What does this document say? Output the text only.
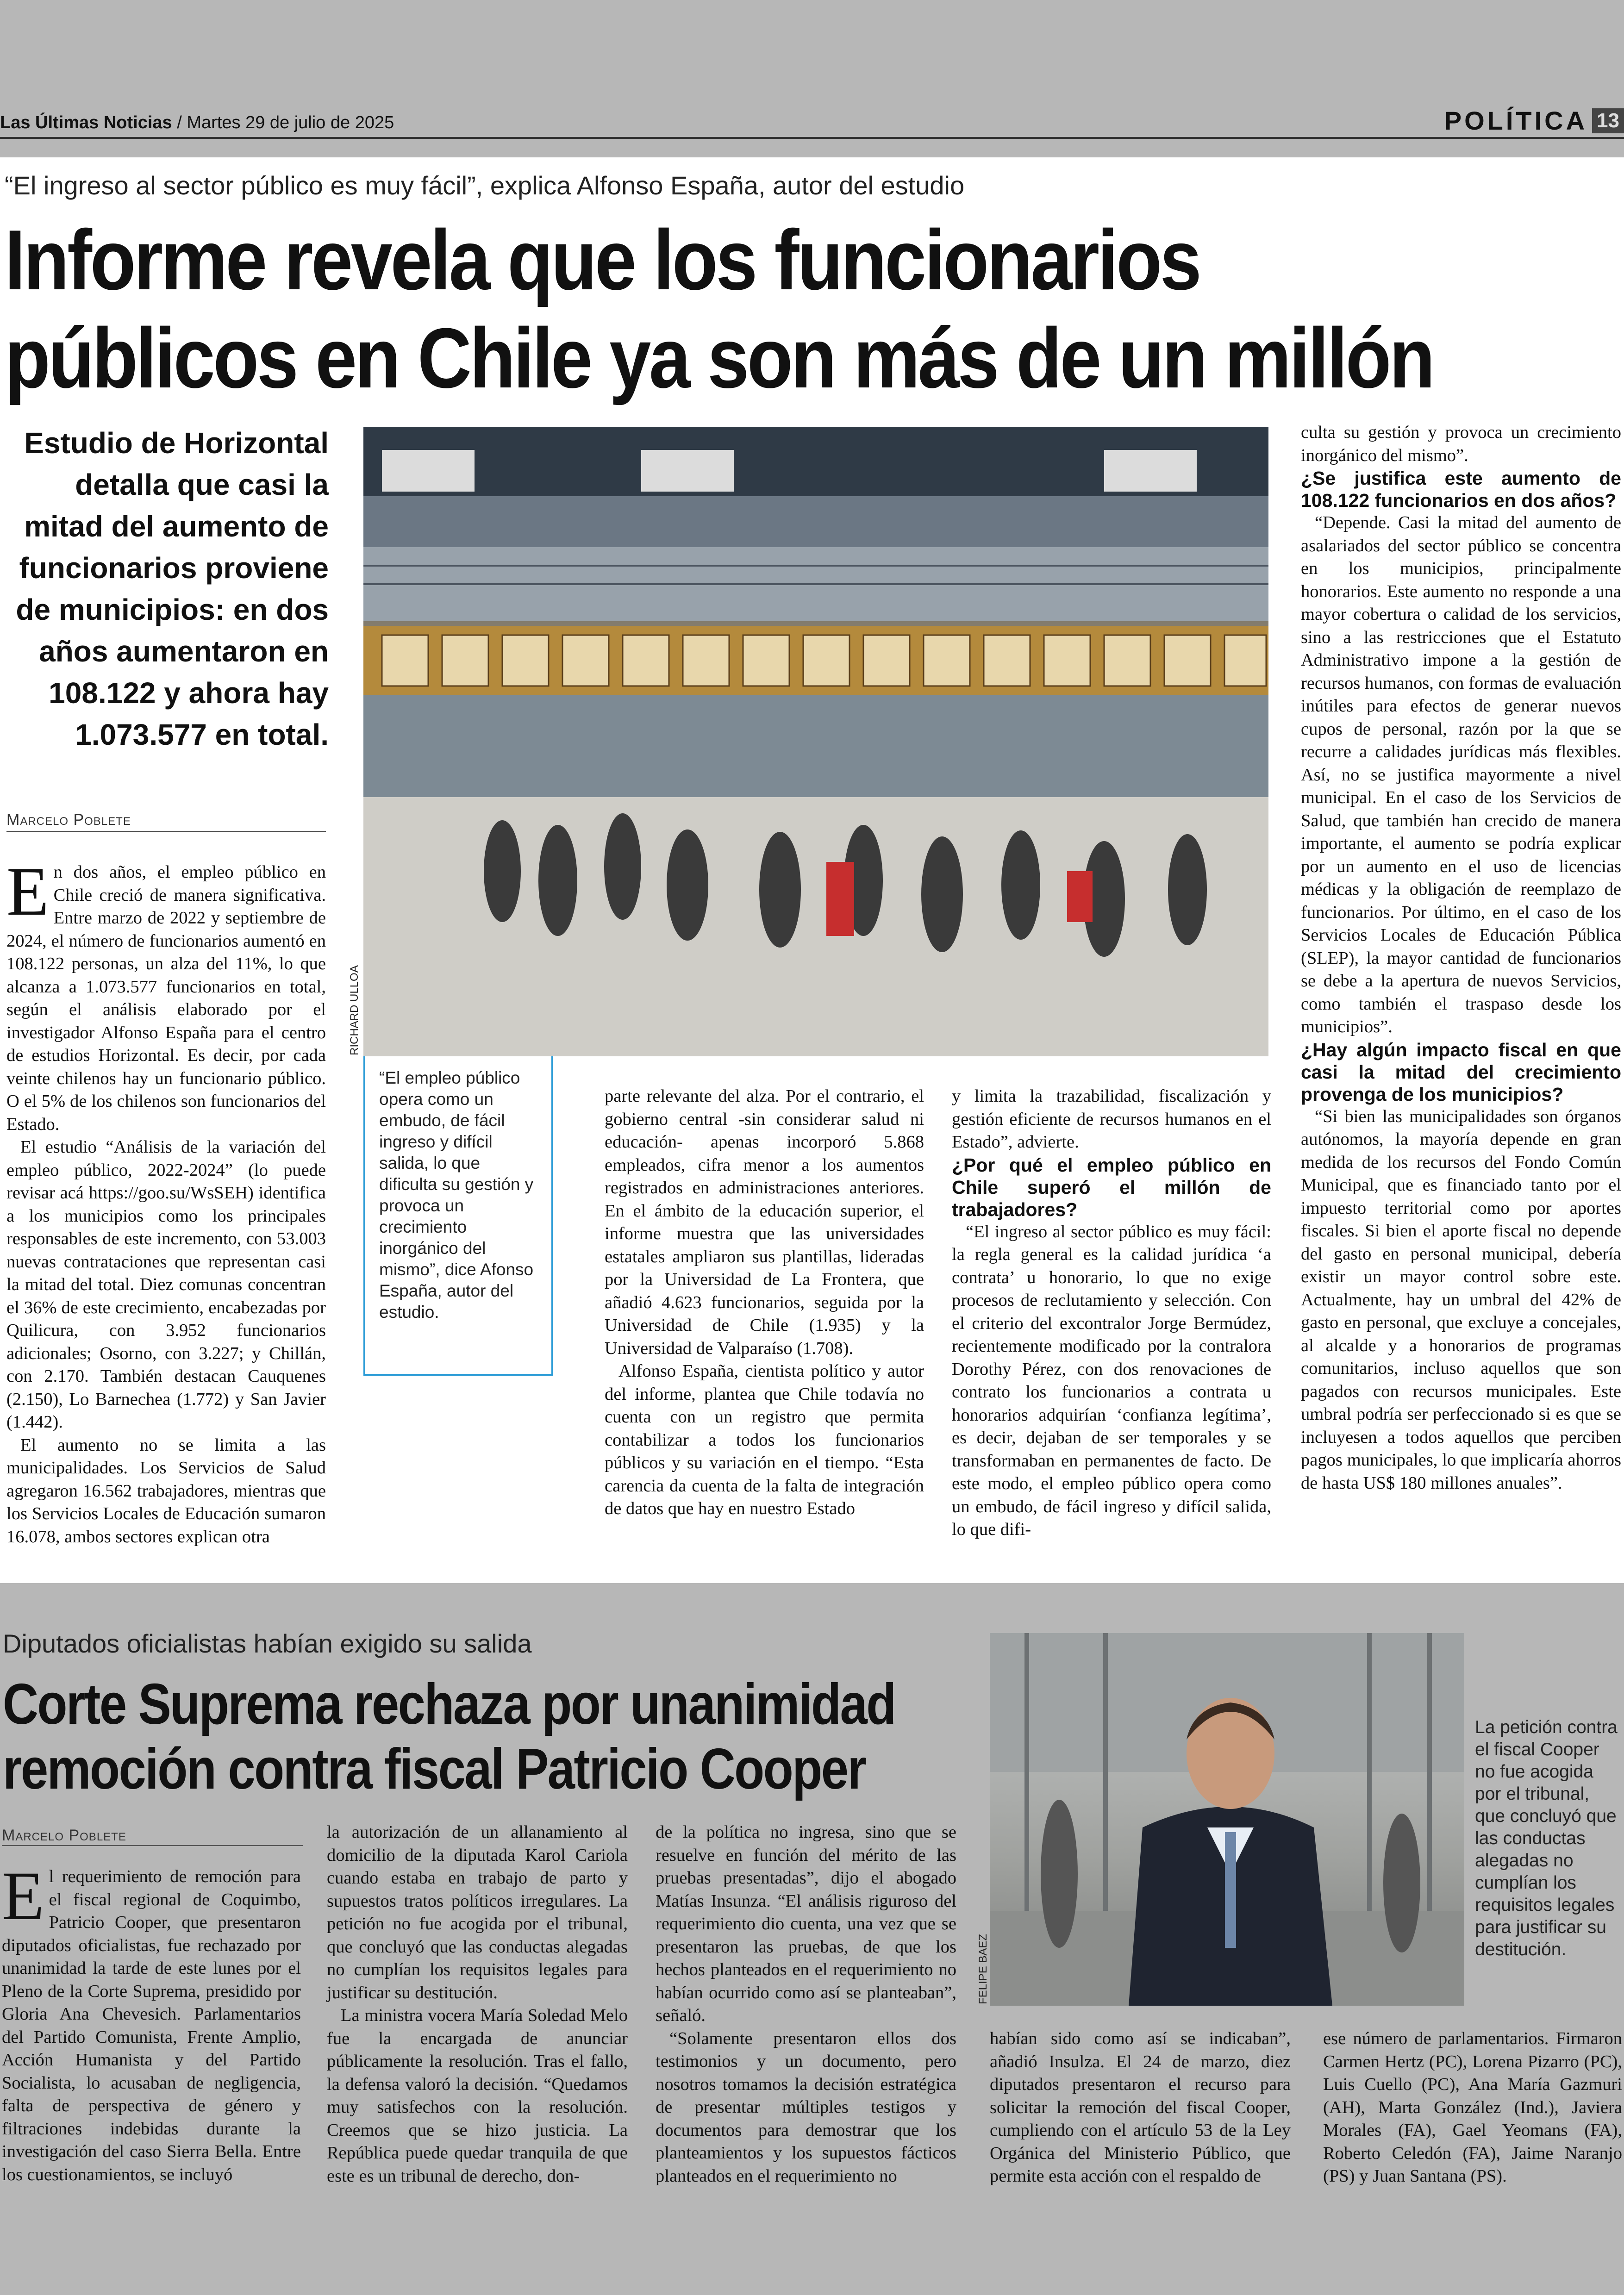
Las Últimas Noticias / Martes 29 de julio de 2025	POLÍTICA 13
“El ingreso al sector público es muy fácil”, explica Alfonso España, autor del estudio
Informe revela que los funcionarios
públicos en Chile ya son más de un millón
Estudio de Horizontal detalla que casi la mitad del aumento de funcionarios proviene de municipios: en dos años aumentaron en 108.122 y ahora hay 1.073.577 en total.
Marcelo Poblete
RICHARD ULLOA
“El empleo público opera como un embudo, de fácil ingreso y difícil salida, lo que dificulta su gestión y provoca un crecimiento inorgánico del mismo”, dice Afonso España, autor del estudio.

En dos años, el empleo público en Chile creció de manera significativa. Entre marzo de 2022 y septiembre de 2024, el número de funcionarios aumentó en 108.122 personas, un alza del 11%, lo que alcanza a 1.073.577 funcionarios en total, según el análisis elaborado por el investigador Alfonso España para el centro de estudios Horizontal. Es decir, por cada veinte chilenos hay un funcionario público. O el 5% de los chilenos son funcionarios del Estado.

El estudio “Análisis de la variación del empleo público, 2022-2024” (lo puede revisar acá https://goo.su/WsSEH) identifica a los municipios como los principales responsables de este incremento, con 53.003 nuevas contrataciones que representan casi la mitad del total. Diez comunas concentran el 36% de este crecimiento, encabezadas por Quilicura, con 3.952 funcionarios adicionales; Osorno, con 3.227; y Chillán, con 2.170. También destacan Cauquenes (2.150), Lo Barnechea (1.772) y San Javier (1.442).

El aumento no se limita a las municipalidades. Los Servicios de Salud agregaron 16.562 trabajadores, mientras que los Servicios Locales de Educación sumaron 16.078, ambos sectores explican otra

parte relevante del alza. Por el contrario, el gobierno central -sin considerar salud ni educación- apenas incorporó 5.868 empleados, cifra menor a los aumentos registrados en administraciones anteriores. En el ámbito de la educación superior, el informe muestra que las universidades estatales ampliaron sus plantillas, lideradas por la Universidad de La Frontera, que añadió 4.623 funcionarios, seguida por la Universidad de Chile (1.935) y la Universidad de Valparaíso (1.708).

Alfonso España, cientista político y autor del informe, plantea que Chile todavía no cuenta con un registro que permita contabilizar a todos los funcionarios públicos y su variación en el tiempo. “Esta carencia da cuenta de la falta de integración de datos que hay en nuestro Estado

y limita la trazabilidad, fiscalización y gestión eficiente de recursos humanos en el Estado”, advierte.

¿Por qué el empleo público en Chile superó el millón de trabajadores?

“El ingreso al sector público es muy fácil: la regla general es la calidad jurídica ‘a contrata’ u honorario, lo que no exige procesos de reclutamiento y selección. Con el criterio del excontralor Jorge Bermúdez, recientemente modificado por la contralora Dorothy Pérez, con dos renovaciones de contrato los funcionarios a contrata u honorarios adquirían ‘confianza legítima’, es decir, dejaban de ser temporales y se transformaban en permanentes de facto. De este modo, el empleo público opera como un embudo, de fácil ingreso y difícil salida, lo que difi-

culta su gestión y provoca un crecimiento inorgánico del mismo”.

¿Se justifica este aumento de 108.122 funcionarios en dos años?

“Depende. Casi la mitad del aumento de asalariados del sector público se concentra en los municipios, principalmente honorarios. Este aumento no responde a una mayor cobertura o calidad de los servicios, sino a las restricciones que el Estatuto Administrativo impone a la gestión de recursos humanos, con formas de evaluación inútiles para efectos de generar nuevos cupos de personal, razón por la que se recurre a calidades jurídicas más flexibles. Así, no se justifica mayormente a nivel municipal. En el caso de los Servicios de Salud, que también han crecido de manera importante, el aumento se podría explicar por un aumento en el uso de licencias médicas y la obligación de reemplazo de funcionarios. Por último, en el caso de los Servicios Locales de Educación Pública (SLEP), la mayor cantidad de funcionarios se debe a la apertura de nuevos Servicios, como también el traspaso desde los municipios”.

¿Hay algún impacto fiscal en que casi la mitad del crecimiento provenga de los municipios?

“Si bien las municipalidades son órganos autónomos, la mayoría depende en gran medida de los recursos del Fondo Común Municipal, que es financiado tanto por el impuesto territorial como por aportes fiscales. Si bien el aporte fiscal no depende del gasto en personal municipal, debería existir un mayor control sobre este. Actualmente, hay un umbral del 42% de gasto en personal, que excluye a concejales, al alcalde y a honorarios de programas comunitarios, incluso aquellos que son pagados con recursos municipales. Este umbral podría ser perfeccionado si es que se incluyesen a todos aquellos que perciben pagos municipales, lo que implicaría ahorros de hasta US$ 180 millones anuales”.

Diputados oficialistas habían exigido su salida
Corte Suprema rechaza por unanimidad
remoción contra fiscal Patricio Cooper
Marcelo Poblete
FELIPE BAEZ
La petición contra el fiscal Cooper no fue acogida por el tribunal, que concluyó que las conductas alegadas no cumplían los requisitos legales para justificar su destitución.

El requerimiento de remoción para el fiscal regional de Coquimbo, Patricio Cooper, que presentaron diputados oficialistas, fue rechazado por unanimidad la tarde de este lunes por el Pleno de la Corte Suprema, presidido por Gloria Ana Chevesich. Parlamentarios del Partido Comunista, Frente Amplio, Acción Humanista y del Partido Socialista, lo acusaban de negligencia, falta de perspectiva de género y filtraciones indebidas durante la investigación del caso Sierra Bella. Entre los cuestionamientos, se incluyó

la autorización de un allanamiento al domicilio de la diputada Karol Cariola cuando estaba en trabajo de parto y supuestos tratos políticos irregulares. La petición no fue acogida por el tribunal, que concluyó que las conductas alegadas no cumplían los requisitos legales para justificar su destitución.

La ministra vocera María Soledad Melo fue la encargada de anunciar públicamente la resolución. Tras el fallo, la defensa valoró la decisión. “Quedamos muy satisfechos con la resolución. Creemos que se hizo justicia. La República puede quedar tranquila de que este es un tribunal de derecho, don-

de la política no ingresa, sino que se resuelve en función del mérito de las pruebas presentadas”, dijo el abogado Matías Insunza. “El análisis riguroso del requerimiento dio cuenta, una vez que se presentaron las pruebas, de que los hechos planteados en el requerimiento no habían ocurrido como así se planteaban”, señaló.

“Solamente presentaron ellos dos testimonios y un documento, pero nosotros tomamos la decisión estratégica de presentar múltiples testigos y documentos para demostrar que los planteamientos y los supuestos fácticos planteados en el requerimiento no

habían sido como así se indicaban”, añadió Insulza. El 24 de marzo, diez diputados presentaron el recurso para solicitar la remoción del fiscal Cooper, cumpliendo con el artículo 53 de la Ley Orgánica del Ministerio Público, que permite esta acción con el respaldo de

ese número de parlamentarios. Firmaron Carmen Hertz (PC), Lorena Pizarro (PC), Luis Cuello (PC), Ana María Gazmuri (AH), Marta González (Ind.), Javiera Morales (FA), Gael Yeomans (FA), Roberto Celedón (FA), Jaime Naranjo (PS) y Juan Santana (PS).
